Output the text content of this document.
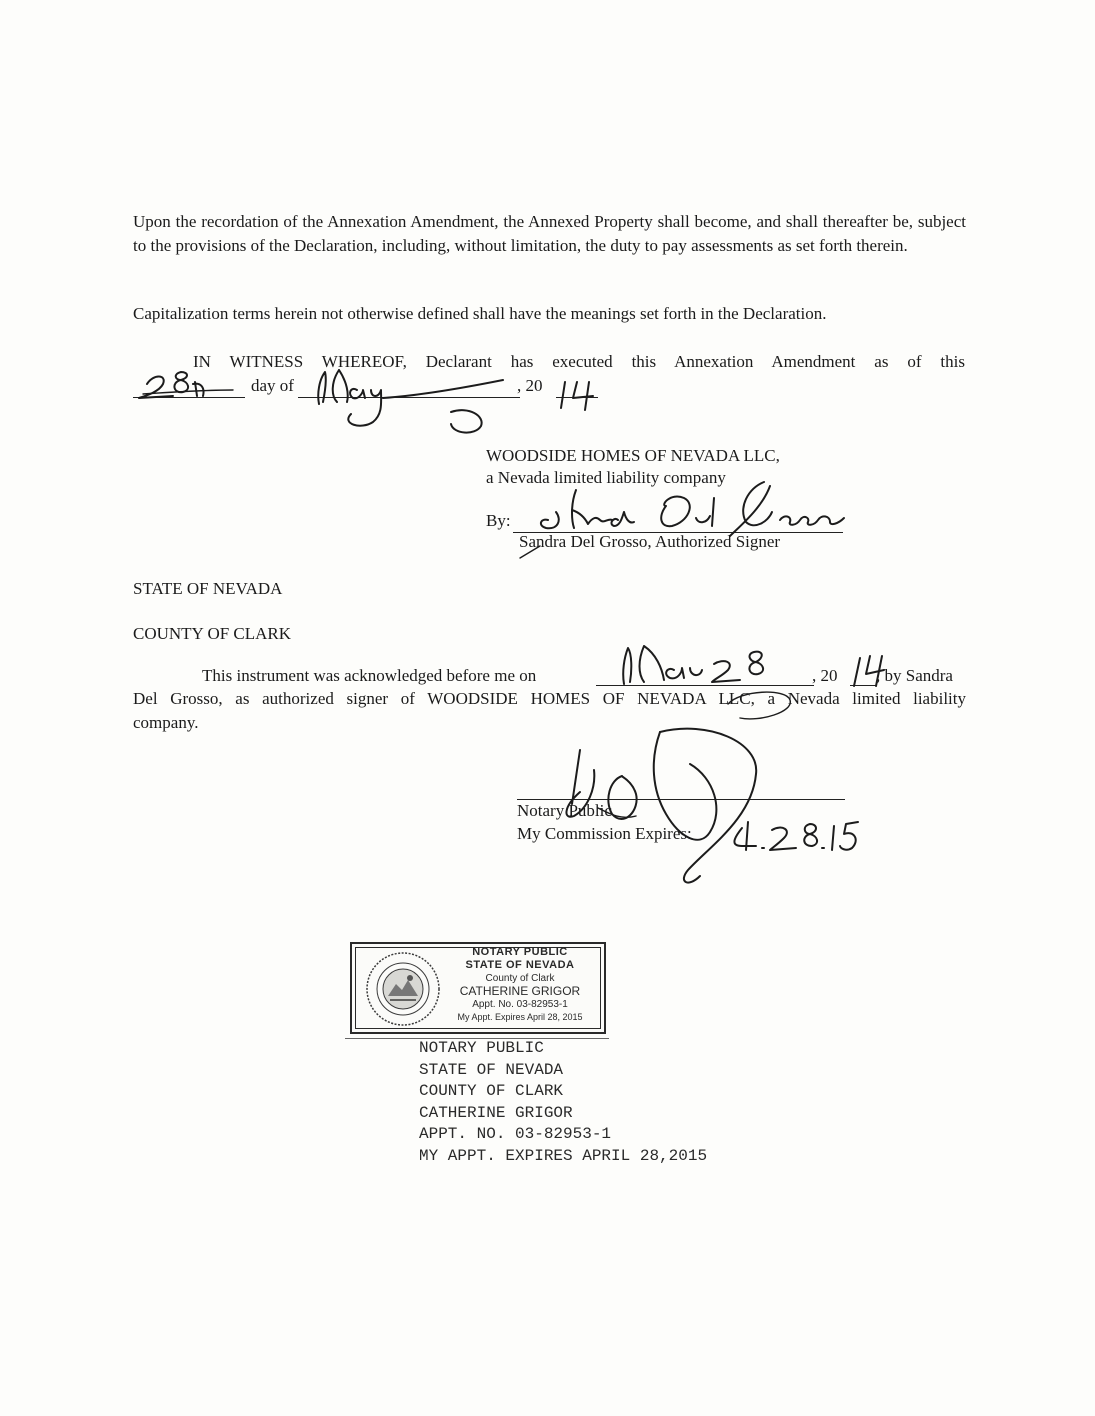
Upon the recordation of the Annexation Amendment, the Annexed Property shall become, and shall thereafter be, subject to the provisions of the Declaration, including, without limitation, the duty to pay assessments as set forth therein.
Capitalization terms herein not otherwise defined shall have the meanings set forth in the Declaration.
IN WITNESS WHEREOF, Declarant has executed this Annexation Amendment as of this
day of	, 20
WOODSIDE HOMES OF NEVADA LLC,
a Nevada limited liability company
By:
Sandra Del Grosso, Authorized Signer
STATE OF NEVADA
COUNTY OF CLARK
This instrument was acknowledged before me on	, 20 , by Sandra
Del Grosso, as authorized signer of WOODSIDE HOMES OF NEVADA LLC, a Nevada limited liability
company.
Notary Public
My Commission Expires:
NOTARY PUBLIC
STATE OF NEVADA
County of Clark
CATHERINE GRIGOR
Appt. No. 03-82953-1
My Appt. Expires April 28, 2015
NOTARY PUBLIC
STATE OF NEVADA
COUNTY OF CLARK
CATHERINE GRIGOR
APPT. NO. 03-82953-1
MY APPT. EXPIRES APRIL 28,2015
